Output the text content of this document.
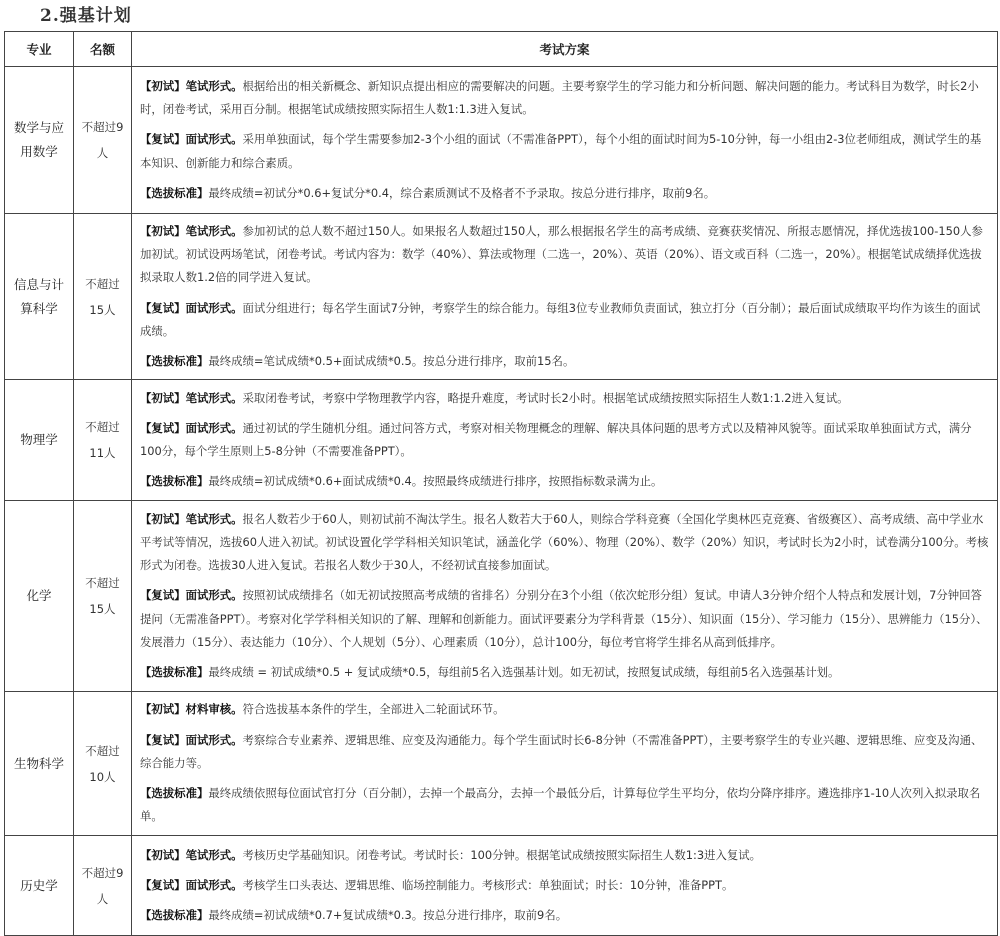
2.强基计划
专业	名额	考试方案
数学与应用数学	不超过9人	【初试】笔试形式。根据给出的相关新概念、新知识点提出相应的需要解决的问题。主要考察学生的学习能力和分析问题、解决问题的能力。考试科目为数学，时长2小时，闭卷考试，采用百分制。根据笔试成绩按照实际招生人数1:1.3进入复试。
【复试】面试形式。采用单独面试，每个学生需要参加2-3个小组的面试（不需准备PPT），每个小组的面试时间为5-10分钟，每一小组由2-3位老师组成，测试学生的基本知识、创新能力和综合素质。
【选拔标准】最终成绩=初试分*0.6+复试分*0.4，综合素质测试不及格者不予录取。按总分进行排序，取前9名。

信息与计算科学	不超过15人	【初试】笔试形式。参加初试的总人数不超过150人。如果报名人数超过150人，那么根据报名学生的高考成绩、竞赛获奖情况、所报志愿情况，择优选拔100-150人参加初试。初试设两场笔试，闭卷考试。考试内容为：数学（40%）、算法或物理（二选一，20%）、英语（20%）、语文或百科（二选一，20%）。根据笔试成绩择优选拔拟录取人数1.2倍的同学进入复试。
【复试】面试形式。面试分组进行；每名学生面试7分钟，考察学生的综合能力。每组3位专业教师负责面试，独立打分（百分制）；最后面试成绩取平均作为该生的面试成绩。
【选拔标准】最终成绩=笔试成绩*0.5+面试成绩*0.5。按总分进行排序，取前15名。

物理学	不超过11人	【初试】笔试形式。采取闭卷考试，考察中学物理教学内容，略提升难度，考试时长2小时。根据笔试成绩按照实际招生人数1:1.2进入复试。
【复试】面试形式。通过初试的学生随机分组。通过问答方式，考察对相关物理概念的理解、解决具体问题的思考方式以及精神风貌等。面试采取单独面试方式，满分100分，每个学生原则上5-8分钟（不需要准备PPT）。
【选拔标准】最终成绩=初试成绩*0.6+面试成绩*0.4。按照最终成绩进行排序，按照指标数录满为止。

化学	不超过15人	【初试】笔试形式。报名人数若少于60人，则初试前不淘汰学生。报名人数若大于60人，则综合学科竞赛（全国化学奥林匹克竞赛、省级赛区）、高考成绩、高中学业水平考试等情况，选拔60人进入初试。初试设置化学学科相关知识笔试，涵盖化学（60%）、物理（20%）、数学（20%）知识，考试时长为2小时，试卷满分100分。考核形式为闭卷。选拔30人进入复试。若报名人数少于30人，不经初试直接参加面试。
【复试】面试形式。按照初试成绩排名（如无初试按照高考成绩的省排名）分别分在3个小组（依次蛇形分组）复试。申请人3分钟介绍个人特点和发展计划，7分钟回答提问（无需准备PPT）。考察对化学学科相关知识的了解、理解和创新能力。面试评要素分为学科背景（15分）、知识面（15分）、学习能力（15分）、思辨能力（15分）、发展潜力（15分）、表达能力（10分）、个人规划（5分）、心理素质（10分），总计100分，每位考官将学生排名从高到低排序。
【选拔标准】最终成绩 = 初试成绩*0.5 + 复试成绩*0.5，每组前5名入选强基计划。如无初试，按照复试成绩，每组前5名入选强基计划。

生物科学	不超过10人	【初试】材料审核。符合选拔基本条件的学生，全部进入二轮面试环节。
【复试】面试形式。考察综合专业素养、逻辑思维、应变及沟通能力。每个学生面试时长6-8分钟（不需准备PPT），主要考察学生的专业兴趣、逻辑思维、应变及沟通、综合能力等。
【选拔标准】最终成绩依照每位面试官打分（百分制），去掉一个最高分，去掉一个最低分后，计算每位学生平均分，依均分降序排序。遴选排序1-10人次列入拟录取名单。

历史学	不超过9人	【初试】笔试形式。考核历史学基础知识。闭卷考试。考试时长：100分钟。根据笔试成绩按照实际招生人数1:3进入复试。
【复试】面试形式。考核学生口头表达、逻辑思维、临场控制能力。考核形式：单独面试；时长：10分钟，准备PPT。
【选拔标准】最终成绩=初试成绩*0.7+复试成绩*0.3。按总分进行排序，取前9名。
